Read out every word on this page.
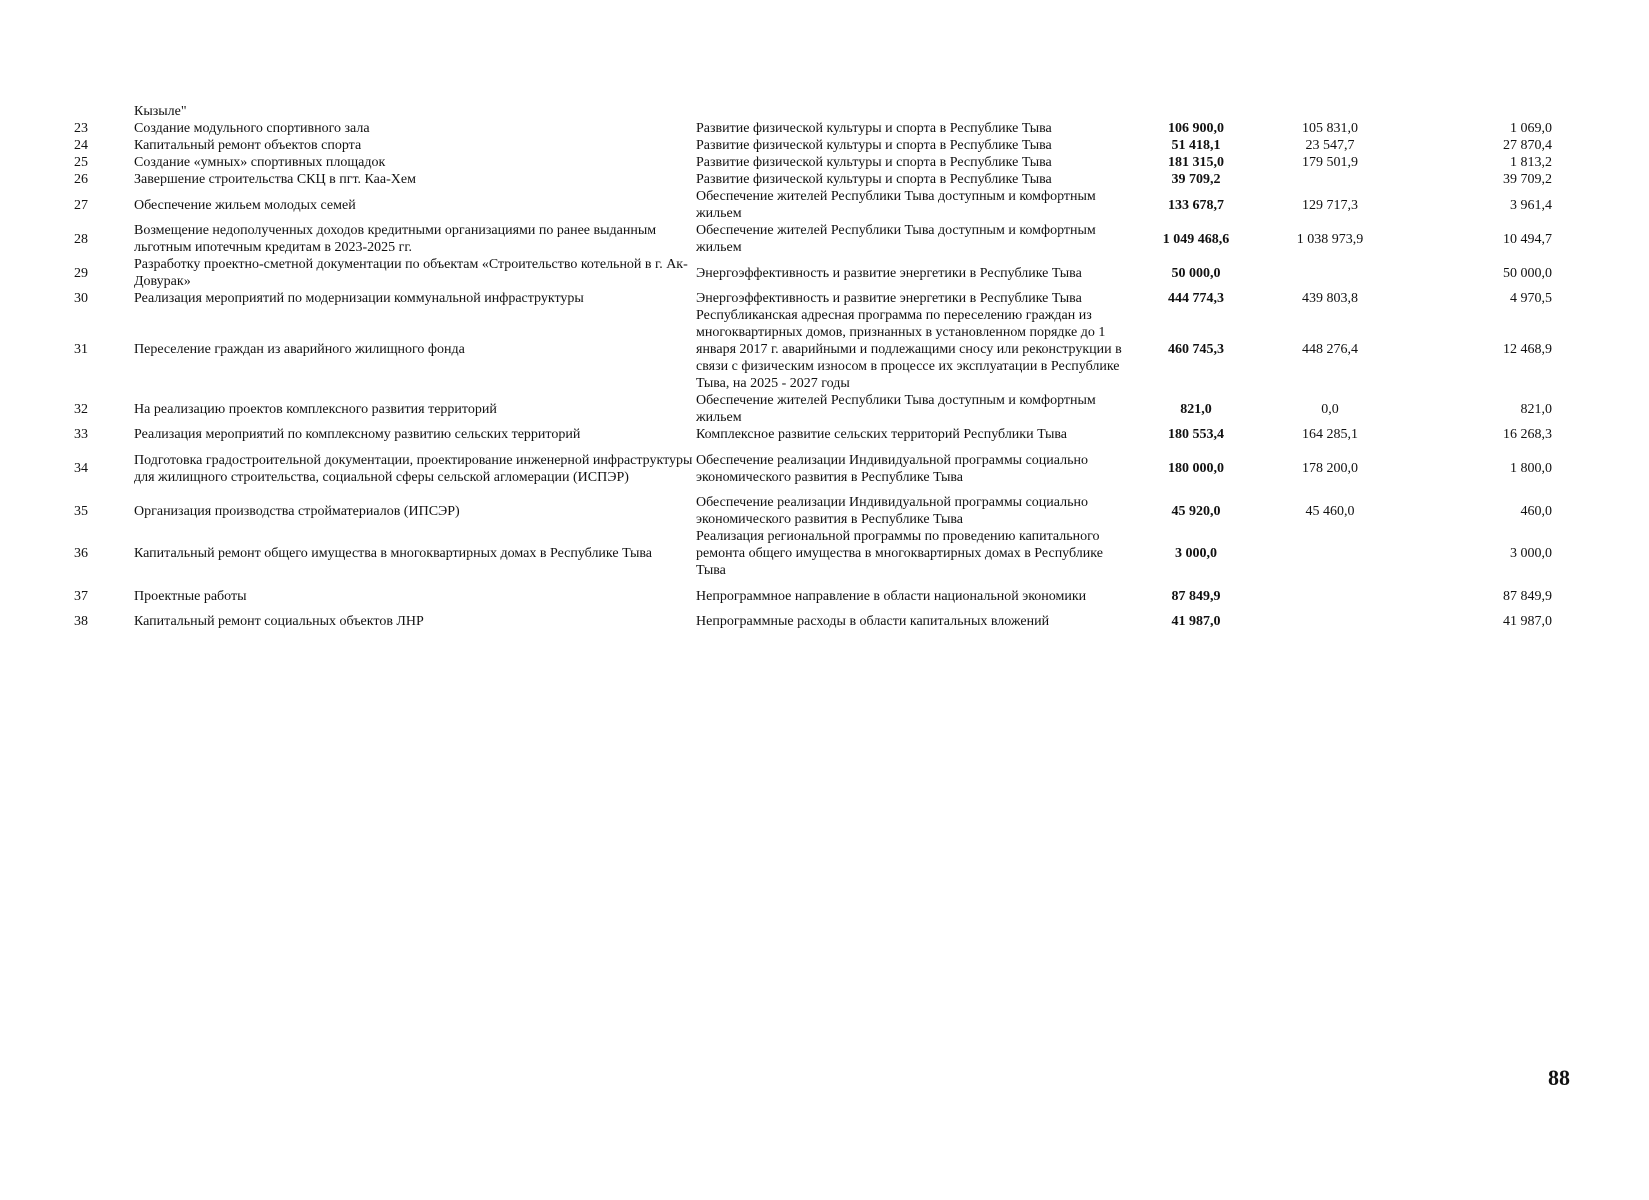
Кызыле"
23	Создание модульного спортивного зала	Развитие физической культуры и спорта в Республике Тыва	106 900,0	105 831,0	1 069,0
24	Капитальный ремонт объектов спорта	Развитие физической культуры и спорта в Республике Тыва	51 418,1	23 547,7	27 870,4
25	Создание «умных» спортивных площадок	Развитие физической культуры и спорта в Республике Тыва	181 315,0	179 501,9	1 813,2
26	Завершение строительства СКЦ в пгт. Каа-Хем	Развитие физической культуры и спорта в Республике Тыва	39 709,2		39 709,2
27	Обеспечение жильем молодых семей	Обеспечение жителей Республики Тыва доступным и комфортным жильем	133 678,7	129 717,3	3 961,4
28	Возмещение недополученных доходов кредитными организациями по ранее выданным льготным ипотечным кредитам в 2023-2025 гг.	Обеспечение жителей Республики Тыва доступным и комфортным жильем	1 049 468,6	1 038 973,9	10 494,7
29	Разработку проектно-сметной документации по объектам «Строительство котельной в г. Ак-Довурак»	Энергоэффективность и развитие энергетики в Республике Тыва	50 000,0		50 000,0
30	Реализация мероприятий по модернизации коммунальной инфраструктуры	Энергоэффективность и развитие энергетики в Республике Тыва	444 774,3	439 803,8	4 970,5
31	Переселение граждан из аварийного жилищного фонда	Республиканская адресная программа по переселению граждан из многоквартирных домов, признанных в установленном порядке до 1 января 2017 г. аварийными и подлежащими сносу или реконструкции в связи с физическим износом в процессе их эксплуатации в Республике Тыва, на 2025 - 2027 годы	460 745,3	448 276,4	12 468,9
32	На реализацию проектов комплексного развития территорий	Обеспечение жителей Республики Тыва доступным и комфортным жильем	821,0	0,0	821,0
33	Реализация мероприятий по комплексному развитию сельских территорий	Комплексное развитие сельских территорий Республики Тыва	180 553,4	164 285,1	16 268,3
34	Подготовка градостроительной документации, проектирование инженерной инфраструктуры для жилищного строительства, социальной сферы сельской агломерации (ИСПЭР)	Обеспечение реализации Индивидуальной программы социально экономического развития в Республике Тыва	180 000,0	178 200,0	1 800,0
35	Организация производства стройматериалов (ИПСЭР)	Обеспечение реализации Индивидуальной программы социально экономического развития в Республике Тыва	45 920,0	45 460,0	460,0
36	Капитальный ремонт общего имущества в многоквартирных домах в Республике Тыва	Реализация региональной программы по проведению капитального ремонта общего имущества в многоквартирных домах в Республике Тыва	3 000,0		3 000,0
37	Проектные работы	Непрограммное направление в области национальной экономики	87 849,9		87 849,9
38	Капитальный ремонт социальных объектов ЛНР	Непрограммные расходы в области капитальных вложений	41 987,0		41 987,0
88
